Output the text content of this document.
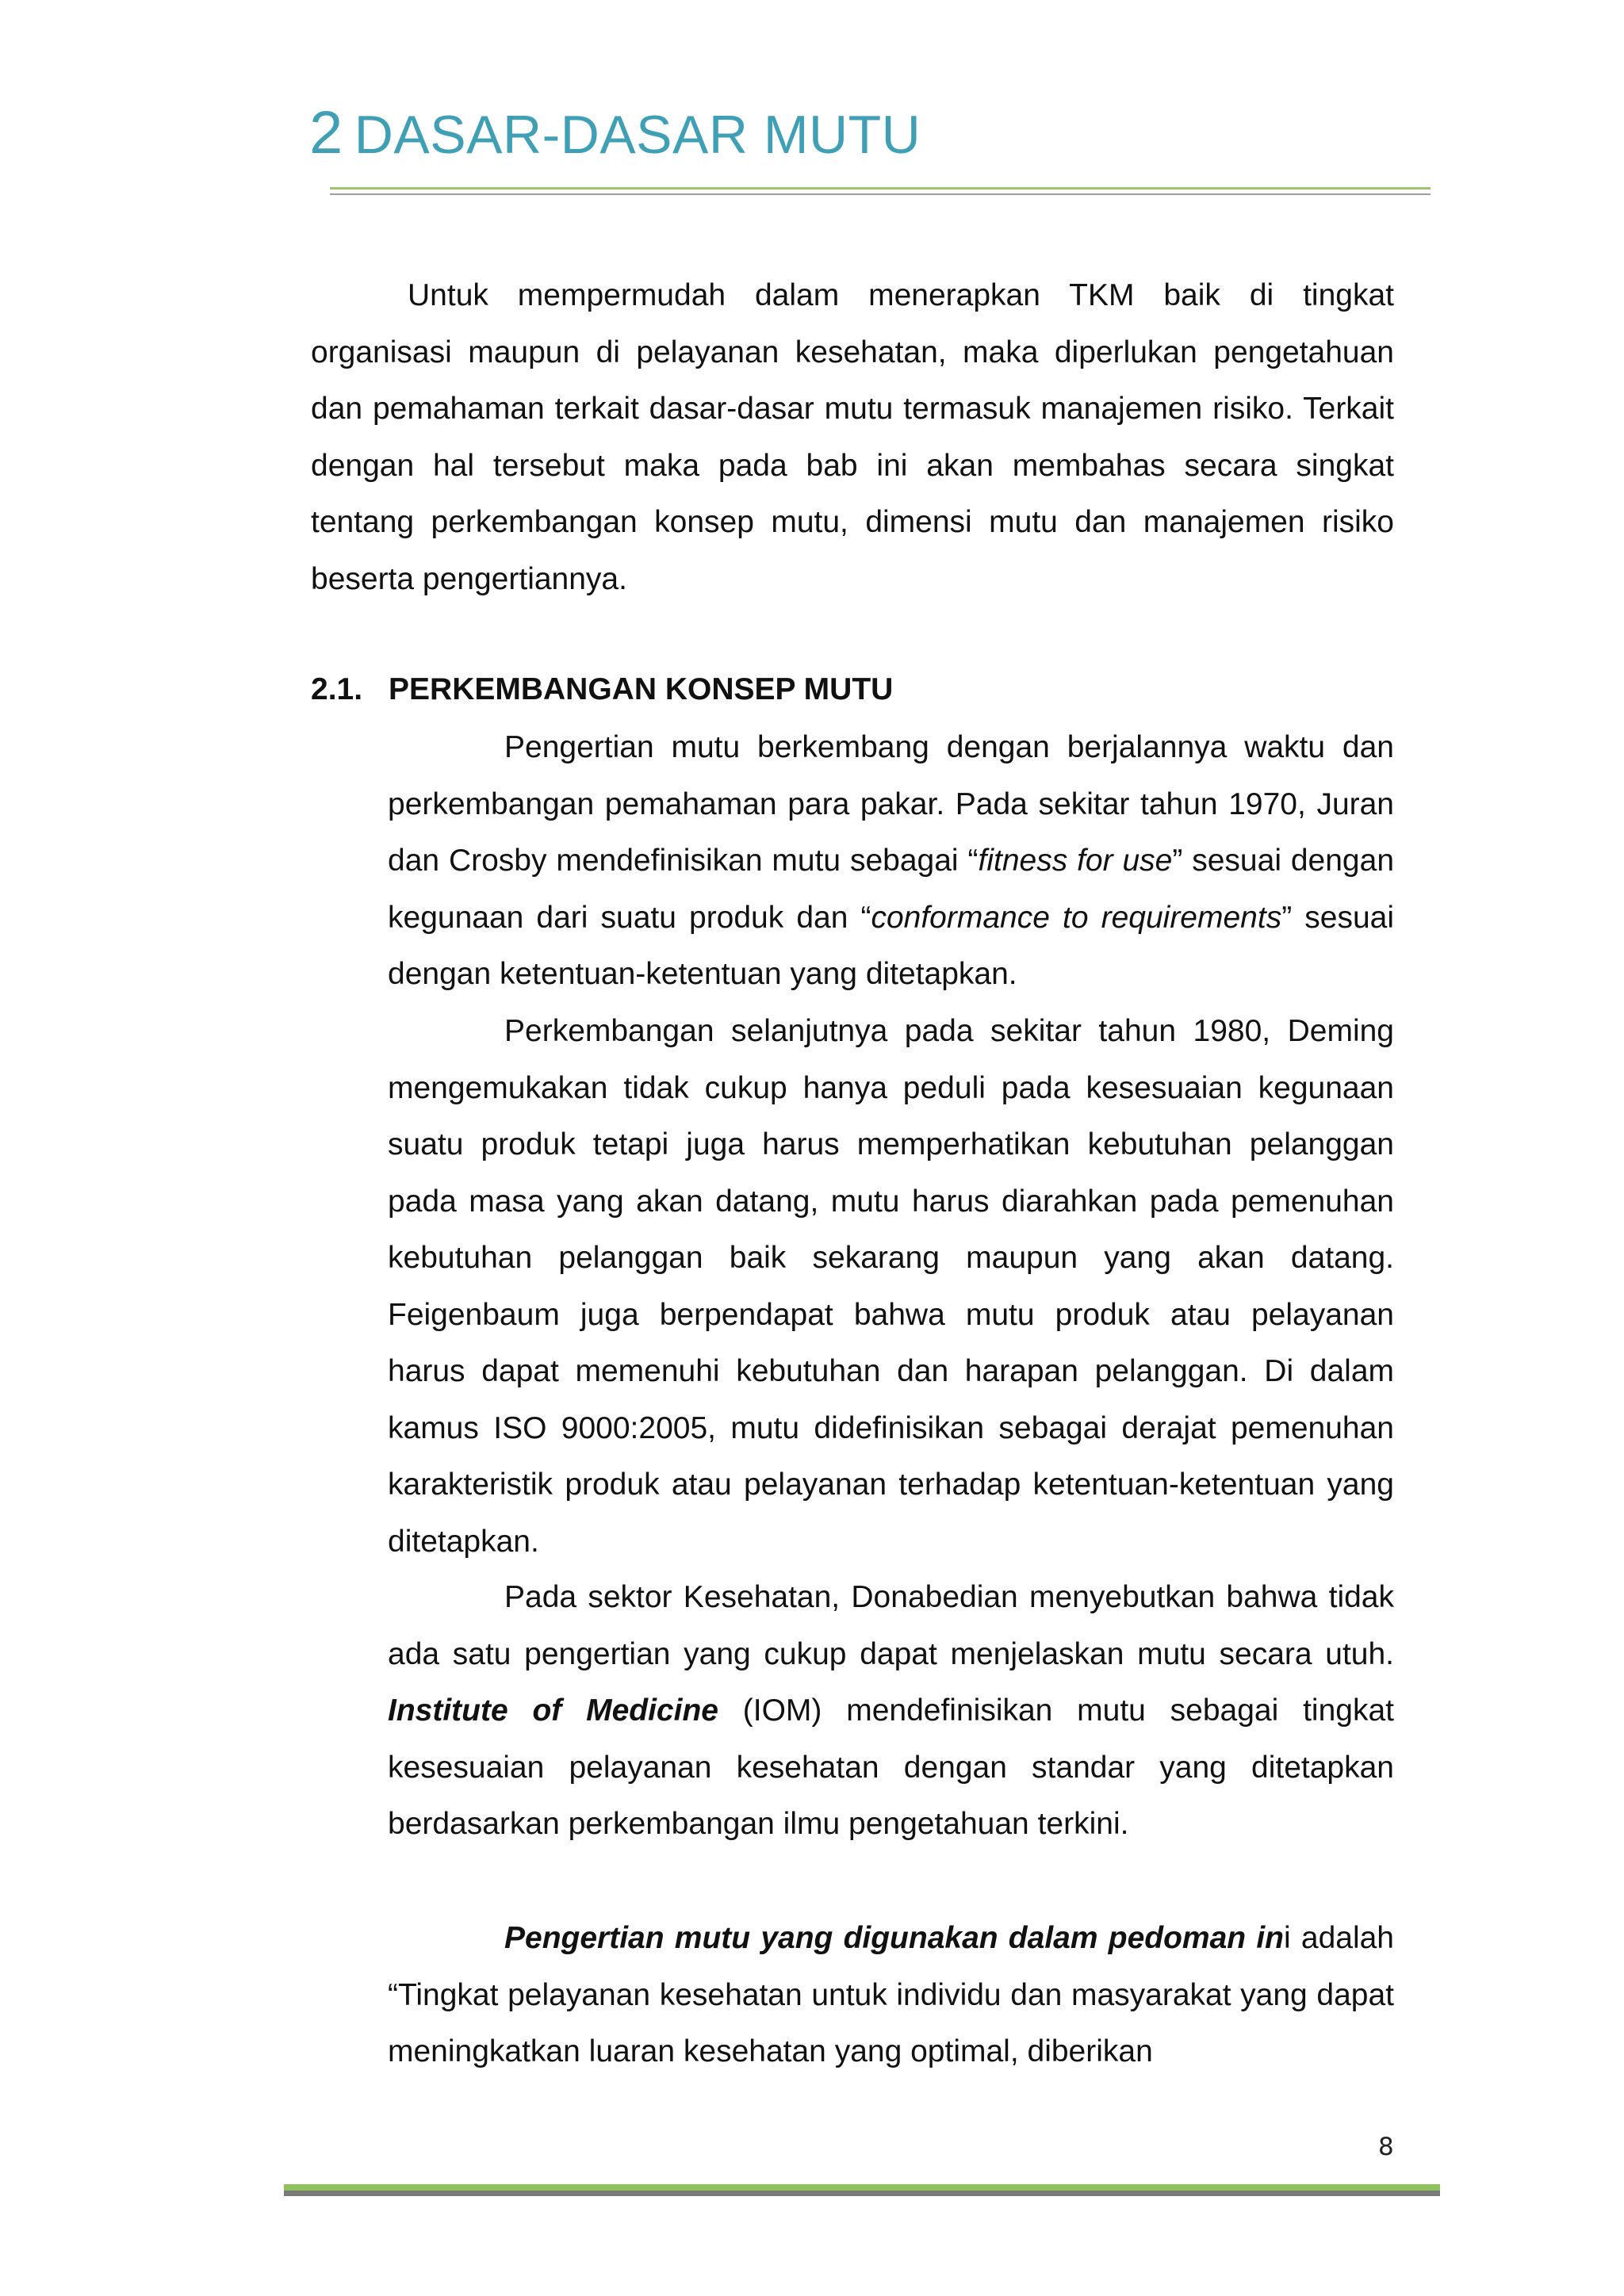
2 DASAR-DASAR MUTU

Untuk mempermudah dalam menerapkan TKM baik di tingkat organisasi maupun di pelayanan kesehatan, maka diperlukan pengetahuan dan pemahaman terkait dasar-dasar mutu termasuk manajemen risiko. Terkait dengan hal tersebut maka pada bab ini akan membahas secara singkat tentang perkembangan konsep mutu, dimensi mutu dan manajemen risiko beserta pengertiannya.

2.1. PERKEMBANGAN KONSEP MUTU

Pengertian mutu berkembang dengan berjalannya waktu dan perkembangan pemahaman para pakar. Pada sekitar tahun 1970, Juran dan Crosby mendefinisikan mutu sebagai “fitness for use” sesuai dengan kegunaan dari suatu produk dan “conformance to requirements” sesuai dengan ketentuan-ketentuan yang ditetapkan.

Perkembangan selanjutnya pada sekitar tahun 1980, Deming mengemukakan tidak cukup hanya peduli pada kesesuaian kegunaan suatu produk tetapi juga harus memperhatikan kebutuhan pelanggan pada masa yang akan datang, mutu harus diarahkan pada pemenuhan kebutuhan pelanggan baik sekarang maupun yang akan datang. Feigenbaum juga berpendapat bahwa mutu produk atau pelayanan harus dapat memenuhi kebutuhan dan harapan pelanggan. Di dalam kamus ISO 9000:2005, mutu didefinisikan sebagai derajat pemenuhan karakteristik produk atau pelayanan terhadap ketentuan-ketentuan yang ditetapkan.

Pada sektor Kesehatan, Donabedian menyebutkan bahwa tidak ada satu pengertian yang cukup dapat menjelaskan mutu secara utuh. Institute of Medicine (IOM) mendefinisikan mutu sebagai tingkat kesesuaian pelayanan kesehatan dengan standar yang ditetapkan berdasarkan perkembangan ilmu pengetahuan terkini.

Pengertian mutu yang digunakan dalam pedoman ini adalah “Tingkat pelayanan kesehatan untuk individu dan masyarakat yang dapat meningkatkan luaran kesehatan yang optimal, diberikan

8
